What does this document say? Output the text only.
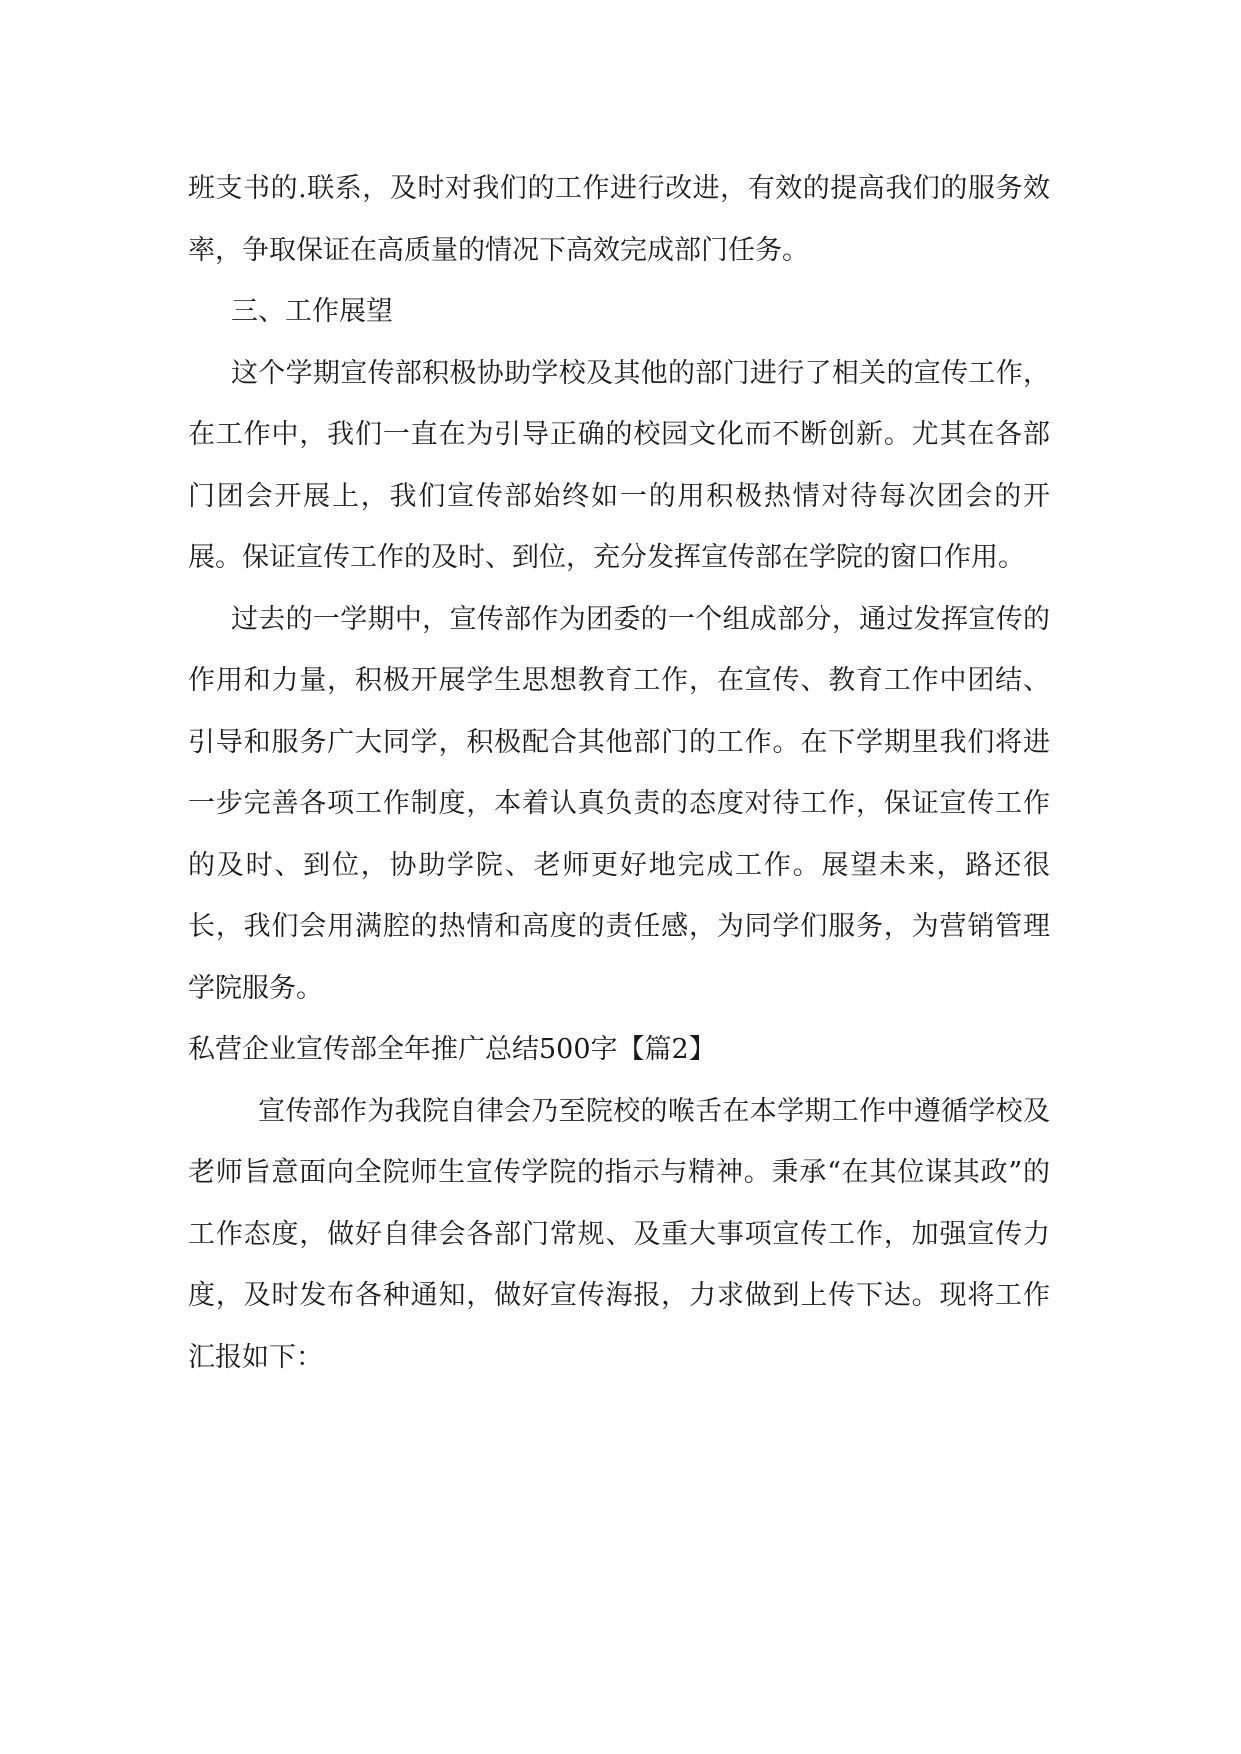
班支书的.联系，及时对我们的工作进行改进，有效的提高我们的服务效率，争取保证在高质量的情况下高效完成部门任务。

三、工作展望

这个学期宣传部积极协助学校及其他的部门进行了相关的宣传工作，在工作中，我们一直在为引导正确的校园文化而不断创新。尤其在各部门团会开展上，我们宣传部始终如一的用积极热情对待每次团会的开展。保证宣传工作的及时、到位，充分发挥宣传部在学院的窗口作用。

过去的一学期中，宣传部作为团委的一个组成部分，通过发挥宣传的作用和力量，积极开展学生思想教育工作，在宣传、教育工作中团结、引导和服务广大同学，积极配合其他部门的工作。在下学期里我们将进一步完善各项工作制度，本着认真负责的态度对待工作，保证宣传工作的及时、到位，协助学院、老师更好地完成工作。展望未来，路还很长，我们会用满腔的热情和高度的责任感，为同学们服务，为营销管理学院服务。

私营企业宣传部全年推广总结500字【篇2】

宣传部作为我院自律会乃至院校的喉舌在本学期工作中遵循学校及老师旨意面向全院师生宣传学院的指示与精神。秉承“在其位谋其政”的工作态度，做好自律会各部门常规、及重大事项宣传工作，加强宣传力度，及时发布各种通知，做好宣传海报，力求做到上传下达。现将工作汇报如下：
